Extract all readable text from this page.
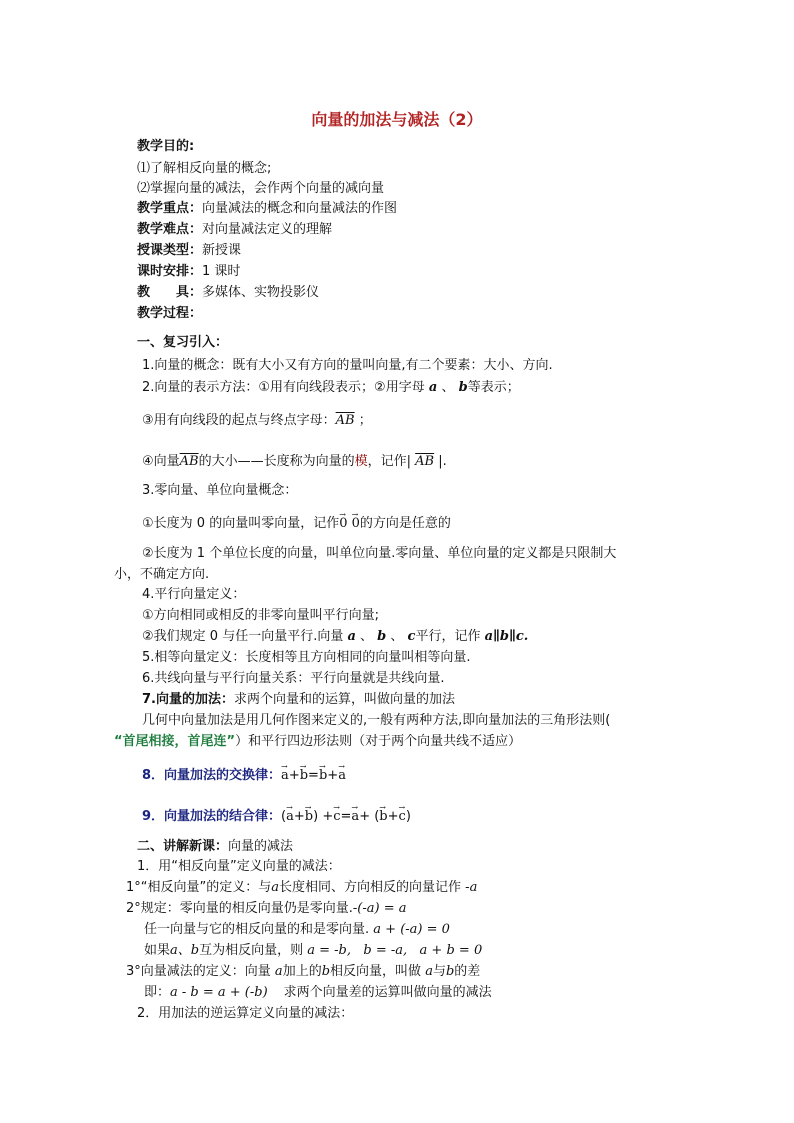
向量的加法与减法（2）
教学目的:
⑴了解相反向量的概念;
⑵掌握向量的减法，会作两个向量的减向量
教学重点：向量减法的概念和向量减法的作图
教学难点：对向量减法定义的理解
授课类型：新授课
课时安排：1 课时
教 具：多媒体、实物投影仪
教学过程：
一、复习引入：
1.向量的概念：既有大小又有方向的量叫向量,有二个要素：大小、方向.
2.向量的表示方法：①用有向线段表示；②用字母 a 、 b等表示；
③用有向线段的起点与终点字母：$\overline{AB}$ ；
④向量$\overline{AB}$的大小——长度称为向量的模，记作| $\overline{AB}$ |.
3.零向量、单位向量概念：
①长度为 0 的向量叫零向量，记作→ 0 → 0的方向是任意的
②长度为 1 个单位长度的向量，叫单位向量.零向量、单位向量的定义都是只限制大
小，不确定方向.
4.平行向量定义：
①方向相同或相反的非零向量叫平行向量;
②我们规定 0 与任一向量平行.向量 a 、 b 、 c平行，记作 a∥b∥c.
5.相等向量定义：长度相等且方向相同的向量叫相等向量.
6.共线向量与平行向量关系：平行向量就是共线向量.
7.向量的加法：求两个向量和的运算，叫做向量的加法
几何中向量加法是用几何作图来定义的,一般有两种方法,即向量加法的三角形法则(
“首尾相接，首尾连”）和平行四边形法则（对于两个向量共线不适应）
8．向量加法的交换律：→ a+→ b=→ b+→ a
9．向量加法的结合律：(→ a+→ b) +→ c=→ a+ (→ b+→ c)
二、讲解新课：向量的减法
1．用“相反向量”定义向量的减法：
1°“相反向量”的定义：与a长度相同、方向相反的向量记作 -a
2°规定：零向量的相反向量仍是零向量.-(-a) = a
任一向量与它的相反向量的和是零向量. a + (-a) = 0
如果a、b互为相反向量，则 a = -b,   b = -a,   a + b = 0
3°向量减法的定义：向量 a加上的b相反向量，叫做 a与b的差
即：a - b = a + (-b) 求两个向量差的运算叫做向量的减法
2．用加法的逆运算定义向量的减法：
